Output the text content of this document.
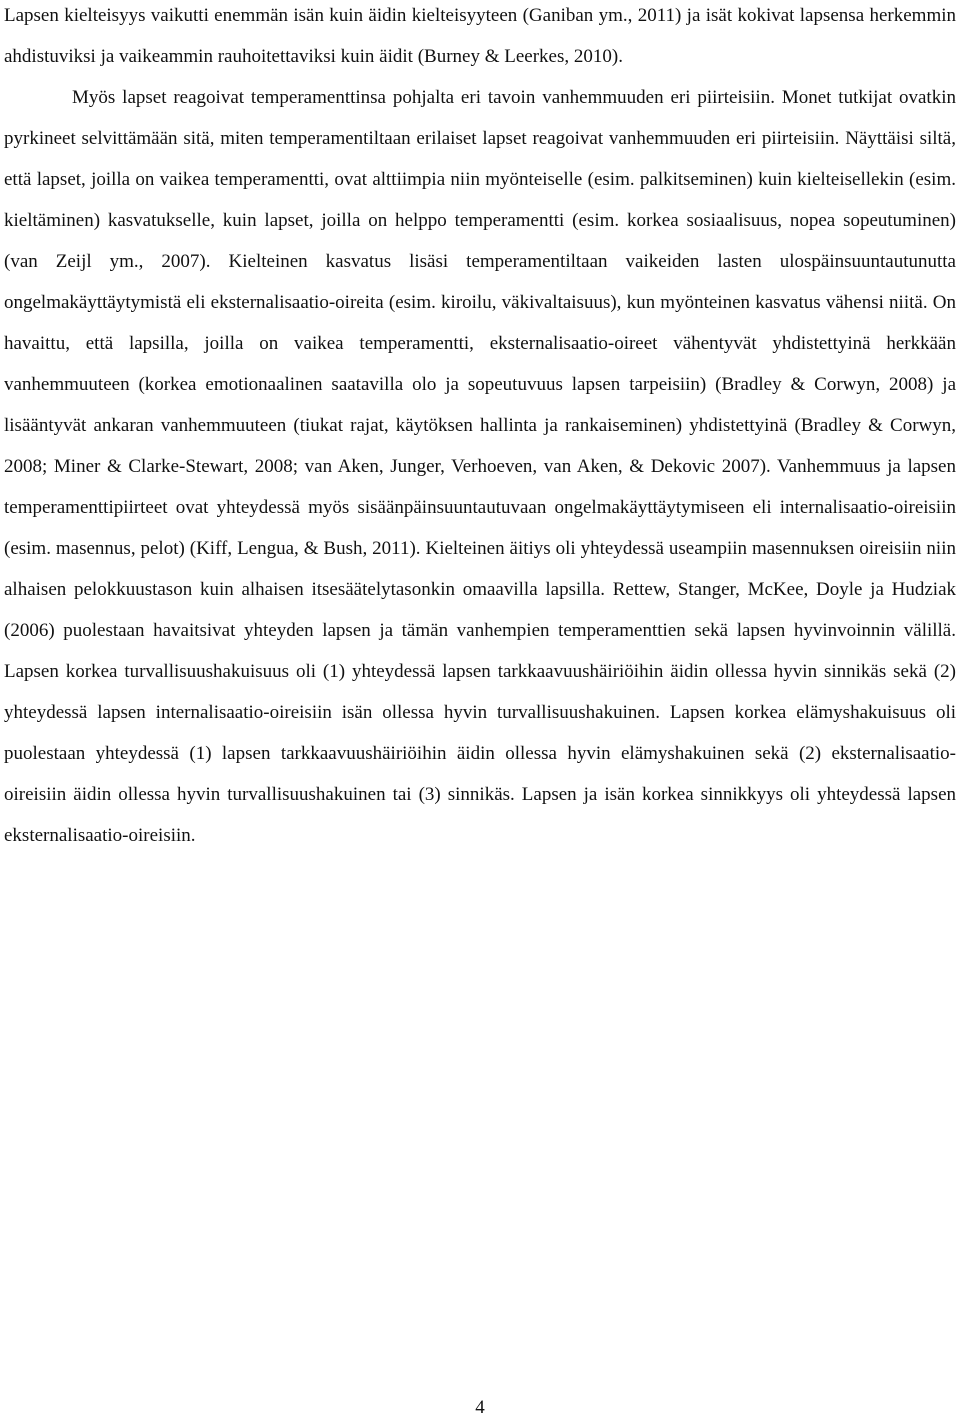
Lapsen kielteisyys vaikutti enemmän isän kuin äidin kielteisyyteen (Ganiban ym., 2011) ja isät kokivat lapsensa herkemmin ahdistuviksi ja vaikeammin rauhoitettaviksi kuin äidit (Burney & Leerkes, 2010).

Myös lapset reagoivat temperamenttinsa pohjalta eri tavoin vanhemmuuden eri piirteisiin. Monet tutkijat ovatkin pyrkineet selvittämään sitä, miten temperamentiltaan erilaiset lapset reagoivat vanhemmuuden eri piirteisiin. Näyttäisi siltä, että lapset, joilla on vaikea temperamentti, ovat alttiimpia niin myönteiselle (esim. palkitseminen) kuin kielteisellekin (esim. kieltäminen) kasvatukselle, kuin lapset, joilla on helppo temperamentti (esim. korkea sosiaalisuus, nopea sopeutuminen) (van Zeijl ym., 2007). Kielteinen kasvatus lisäsi temperamentiltaan vaikeiden lasten ulospäinsuuntautunutta ongelmakäyttäytymistä eli eksternalisaatio-oireita (esim. kiroilu, väkivaltaisuus), kun myönteinen kasvatus vähensi niitä. On havaittu, että lapsilla, joilla on vaikea temperamentti, eksternalisaatio-oireet vähentyvät yhdistettyinä herkkään vanhemmuuteen (korkea emotionaalinen saatavilla olo ja sopeutuvuus lapsen tarpeisiin) (Bradley & Corwyn, 2008) ja lisääntyvät ankaran vanhemmuuteen (tiukat rajat, käytöksen hallinta ja rankaiseminen) yhdistettyinä (Bradley & Corwyn, 2008; Miner & Clarke-Stewart, 2008; van Aken, Junger, Verhoeven, van Aken, & Dekovic 2007). Vanhemmuus ja lapsen temperamenttipiirteet ovat yhteydessä myös sisäänpäinsuuntautuvaan ongelmakäyttäytymiseen eli internalisaatio-oireisiin (esim. masennus, pelot) (Kiff, Lengua, & Bush, 2011). Kielteinen äitiys oli yhteydessä useampiin masennuksen oireisiin niin alhaisen pelokkuustason kuin alhaisen itsesäätelytasonkin omaavilla lapsilla. Rettew, Stanger, McKee, Doyle ja Hudziak (2006) puolestaan havaitsivat yhteyden lapsen ja tämän vanhempien temperamenttien sekä lapsen hyvinvoinnin välillä. Lapsen korkea turvallisuushakuisuus oli (1) yhteydessä lapsen tarkkaavuushäiriöihin äidin ollessa hyvin sinnikäs sekä (2) yhteydessä lapsen internalisaatio-oireisiin isän ollessa hyvin turvallisuushakuinen. Lapsen korkea elämyshakuisuus oli puolestaan yhteydessä (1) lapsen tarkkaavuushäiriöihin äidin ollessa hyvin elämyshakuinen sekä (2) eksternalisaatio-oireisiin äidin ollessa hyvin turvallisuushakuinen tai (3) sinnikäs. Lapsen ja isän korkea sinnikkyys oli yhteydessä lapsen eksternalisaatio-oireisiin.

4
